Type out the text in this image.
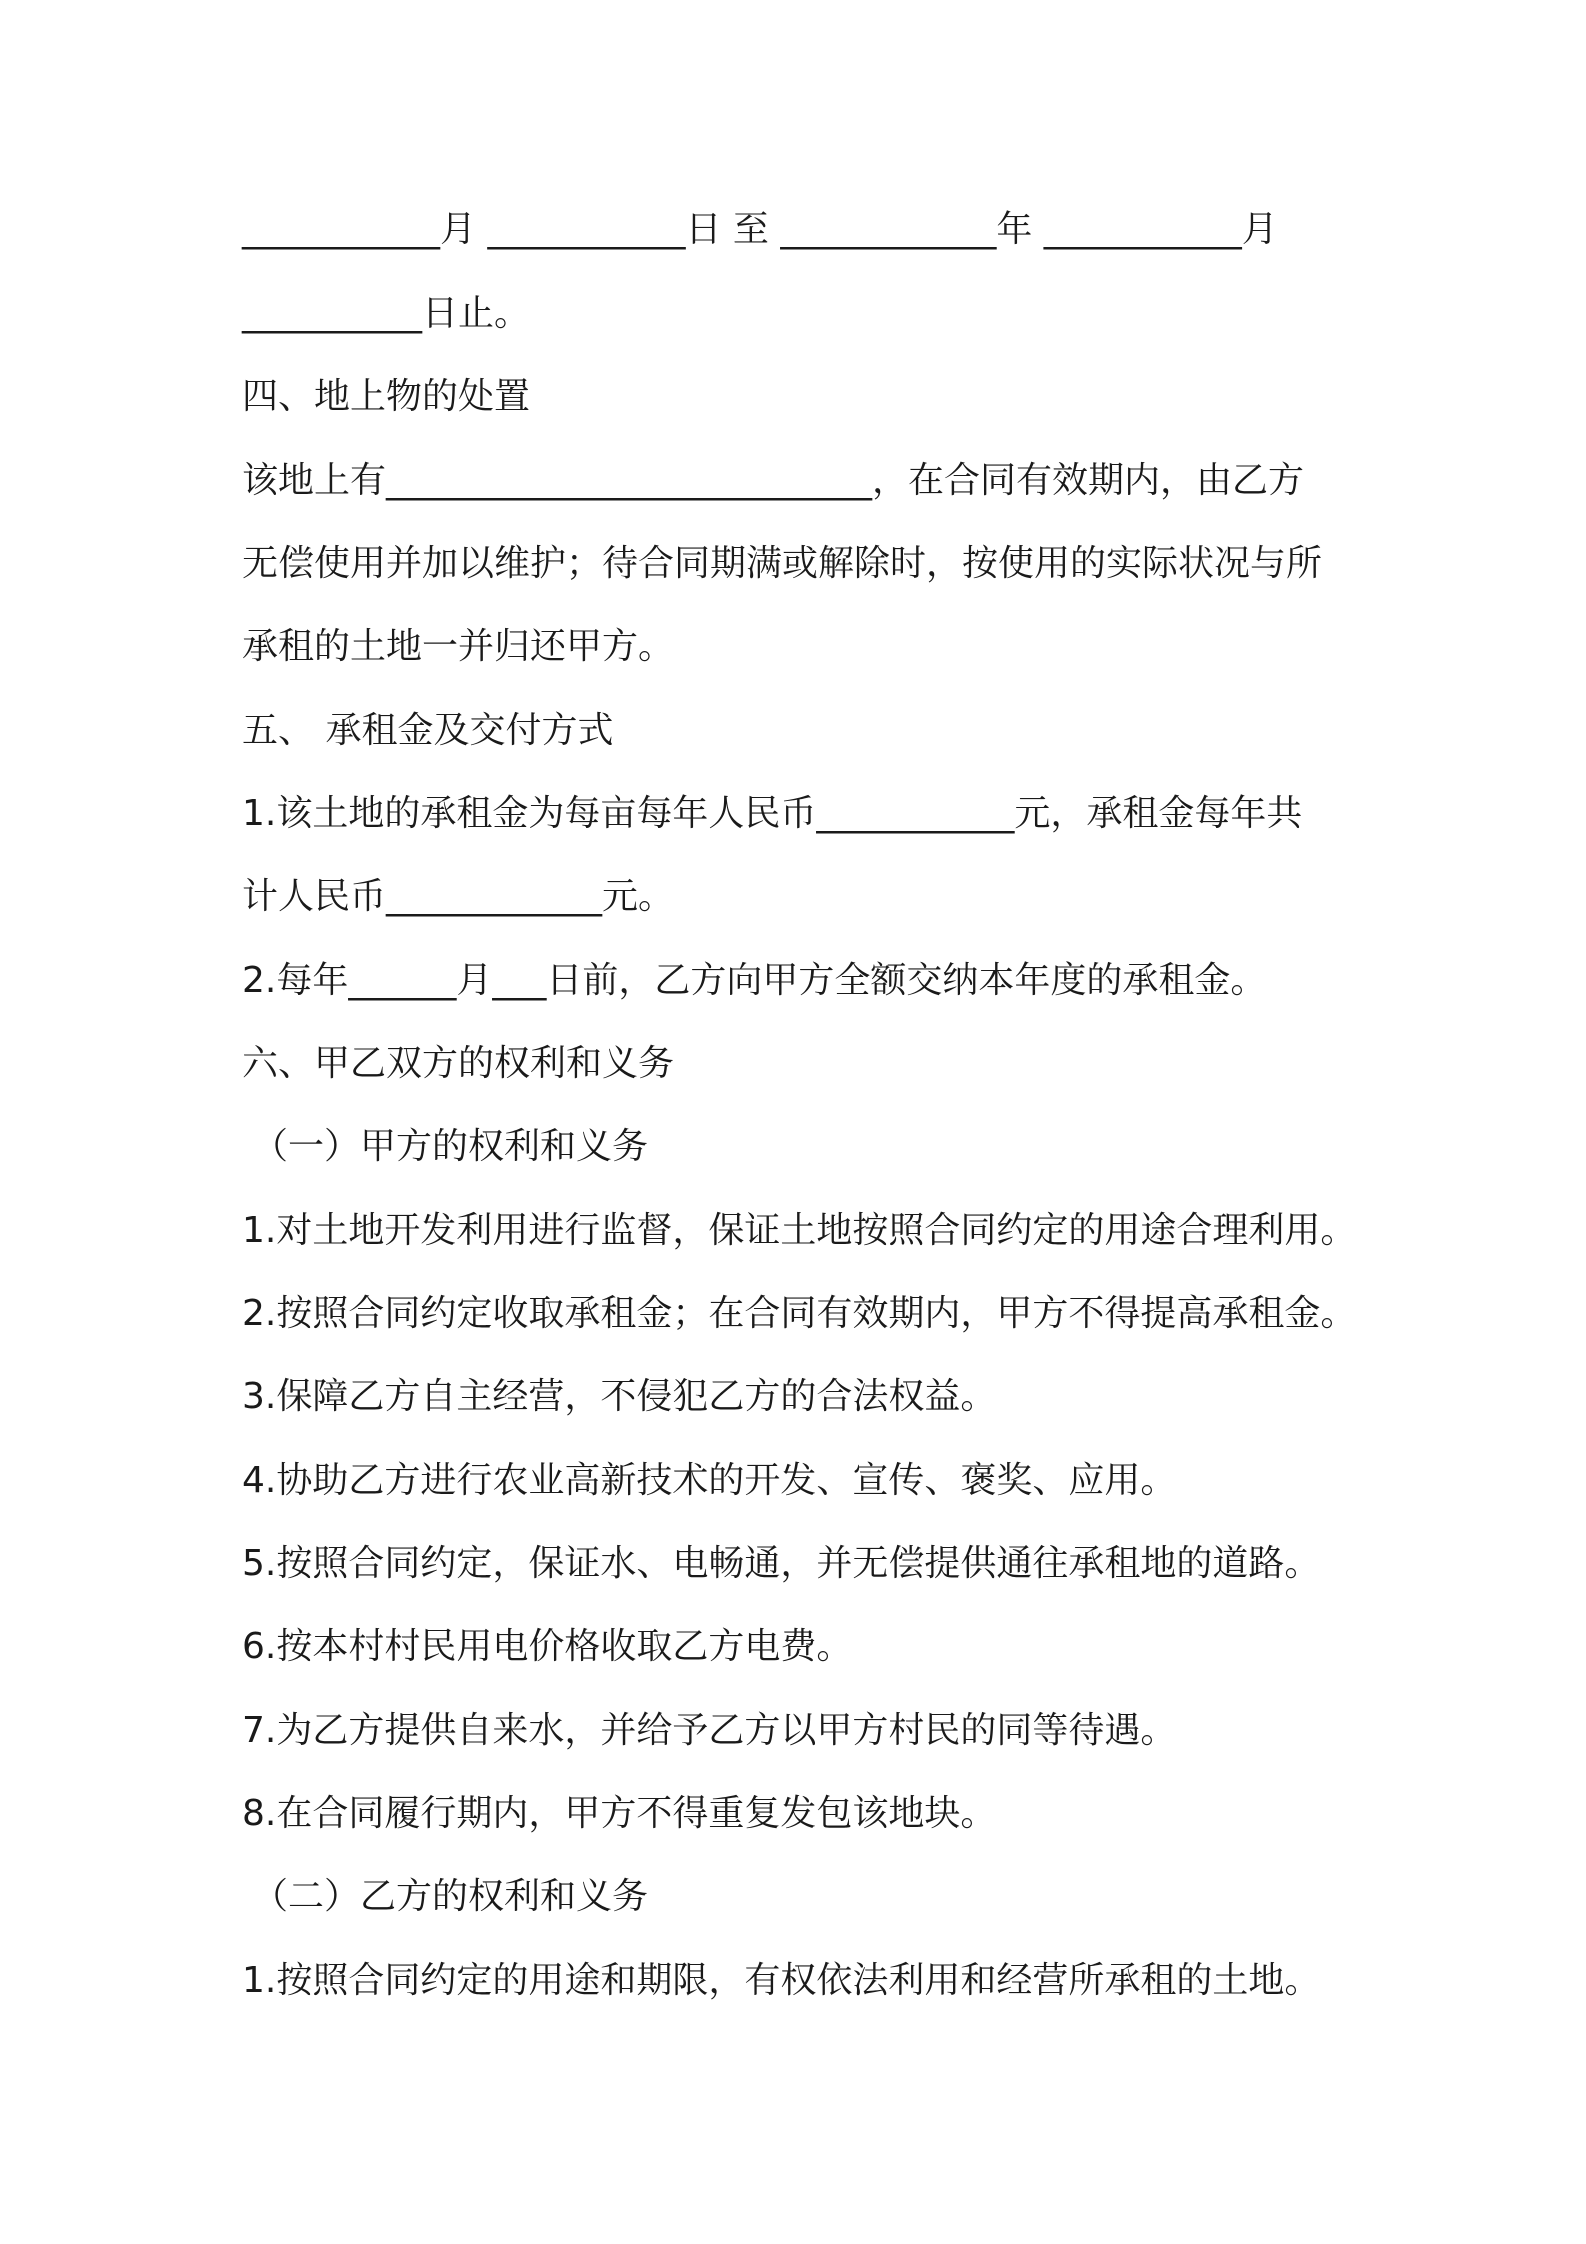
___________月 ___________日 至 ____________年 ___________月
__________日止。
四、地上物的处置
该地上有___________________________，在合同有效期内，由乙方
无偿使用并加以维护；待合同期满或解除时，按使用的实际状况与所
承租的土地一并归还甲方。
五、 承租金及交付方式
1.该土地的承租金为每亩每年人民币___________元，承租金每年共
计人民币____________元。
2.每年______月___日前，乙方向甲方全额交纳本年度的承租金。
六、甲乙双方的权利和义务
（一）甲方的权利和义务
1.对土地开发利用进行监督，保证土地按照合同约定的用途合理利用。
2.按照合同约定收取承租金；在合同有效期内，甲方不得提高承租金。
3.保障乙方自主经营，不侵犯乙方的合法权益。
4.协助乙方进行农业高新技术的开发、宣传、褒奖、应用。
5.按照合同约定，保证水、电畅通，并无偿提供通往承租地的道路。
6.按本村村民用电价格收取乙方电费。
7.为乙方提供自来水，并给予乙方以甲方村民的同等待遇。
8.在合同履行期内，甲方不得重复发包该地块。
（二）乙方的权利和义务
1.按照合同约定的用途和期限，有权依法利用和经营所承租的土地。
